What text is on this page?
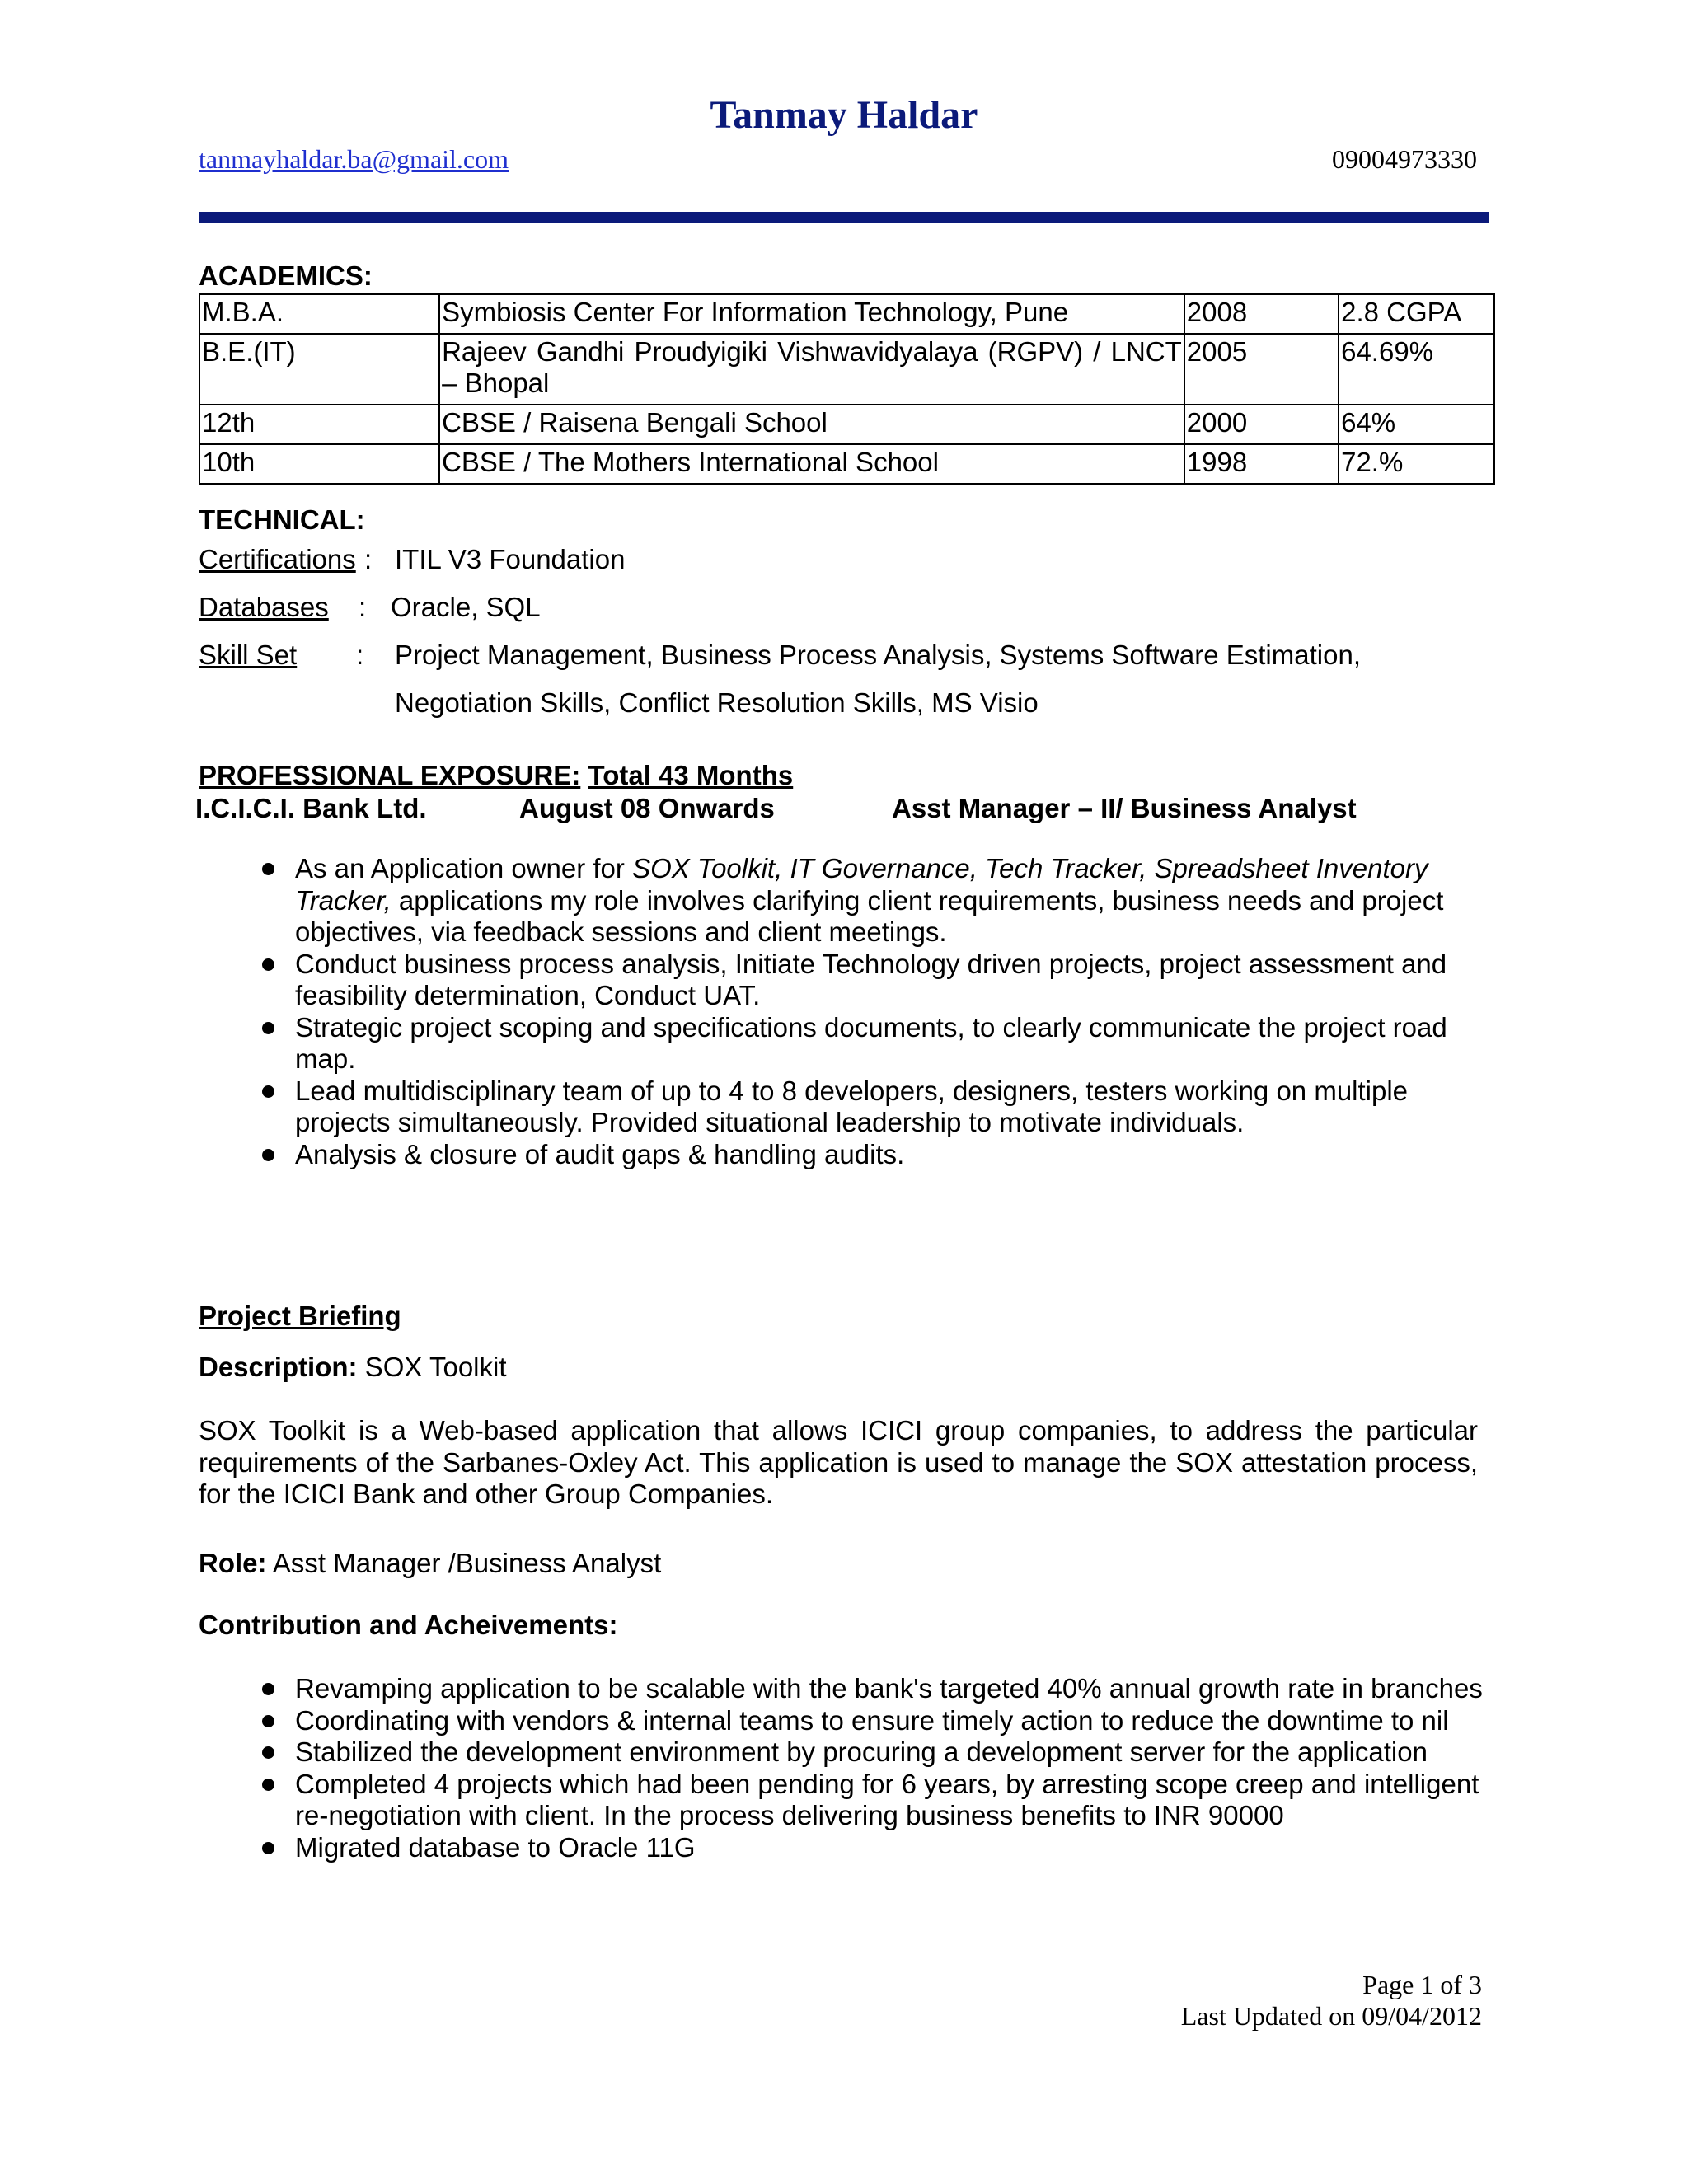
Tanmay Haldar
tanmayhaldar.ba@gmail.com	09004973330
ACADEMICS:
M.B.A.	Symbiosis Center For Information Technology, Pune	2008	2.8 CGPA
B.E.(IT)	Rajeev Gandhi Proudyigiki Vishwavidyalaya (RGPV) / LNCT – Bhopal	2005	64.69%
12th	CBSE / Raisena Bengali School	2000	64%
10th	CBSE / The Mothers International School	1998	72.%
TECHNICAL:
Certifications : ITIL V3 Foundation
Databases : Oracle, SQL
Skill Set : Project Management, Business Process Analysis, Systems Software Estimation,
Negotiation Skills, Conflict Resolution Skills, MS Visio
PROFESSIONAL EXPOSURE: Total 43 Months
I.C.I.C.I. Bank Ltd.	August 08 Onwards	Asst Manager – II/ Business Analyst
As an Application owner for SOX Toolkit, IT Governance, Tech Tracker, Spreadsheet Inventory Tracker, applications my role involves clarifying client requirements, business needs and project objectives, via feedback sessions and client meetings.
Conduct business process analysis, Initiate Technology driven projects, project assessment and feasibility determination, Conduct UAT.
Strategic project scoping and specifications documents, to clearly communicate the project road map.
Lead multidisciplinary team of up to 4 to 8 developers, designers, testers working on multiple projects simultaneously. Provided situational leadership to motivate individuals.
Analysis & closure of audit gaps & handling audits.
Project Briefing
Description: SOX Toolkit
SOX Toolkit is a Web-based application that allows ICICI group companies, to address the particular requirements of the Sarbanes-Oxley Act. This application is used to manage the SOX attestation process, for the ICICI Bank and other Group Companies.
Role: Asst Manager /Business Analyst
Contribution and Acheivements:
Revamping application to be scalable with the bank's targeted 40% annual growth rate in branches
Coordinating with vendors & internal teams to ensure timely action to reduce the downtime to nil
Stabilized the development environment by procuring a development server for the application
Completed 4 projects which had been pending for 6 years, by arresting scope creep and intelligent re-negotiation with client. In the process delivering business benefits to INR 90000
Migrated database to Oracle 11G
Page 1 of 3
Last Updated on 09/04/2012
